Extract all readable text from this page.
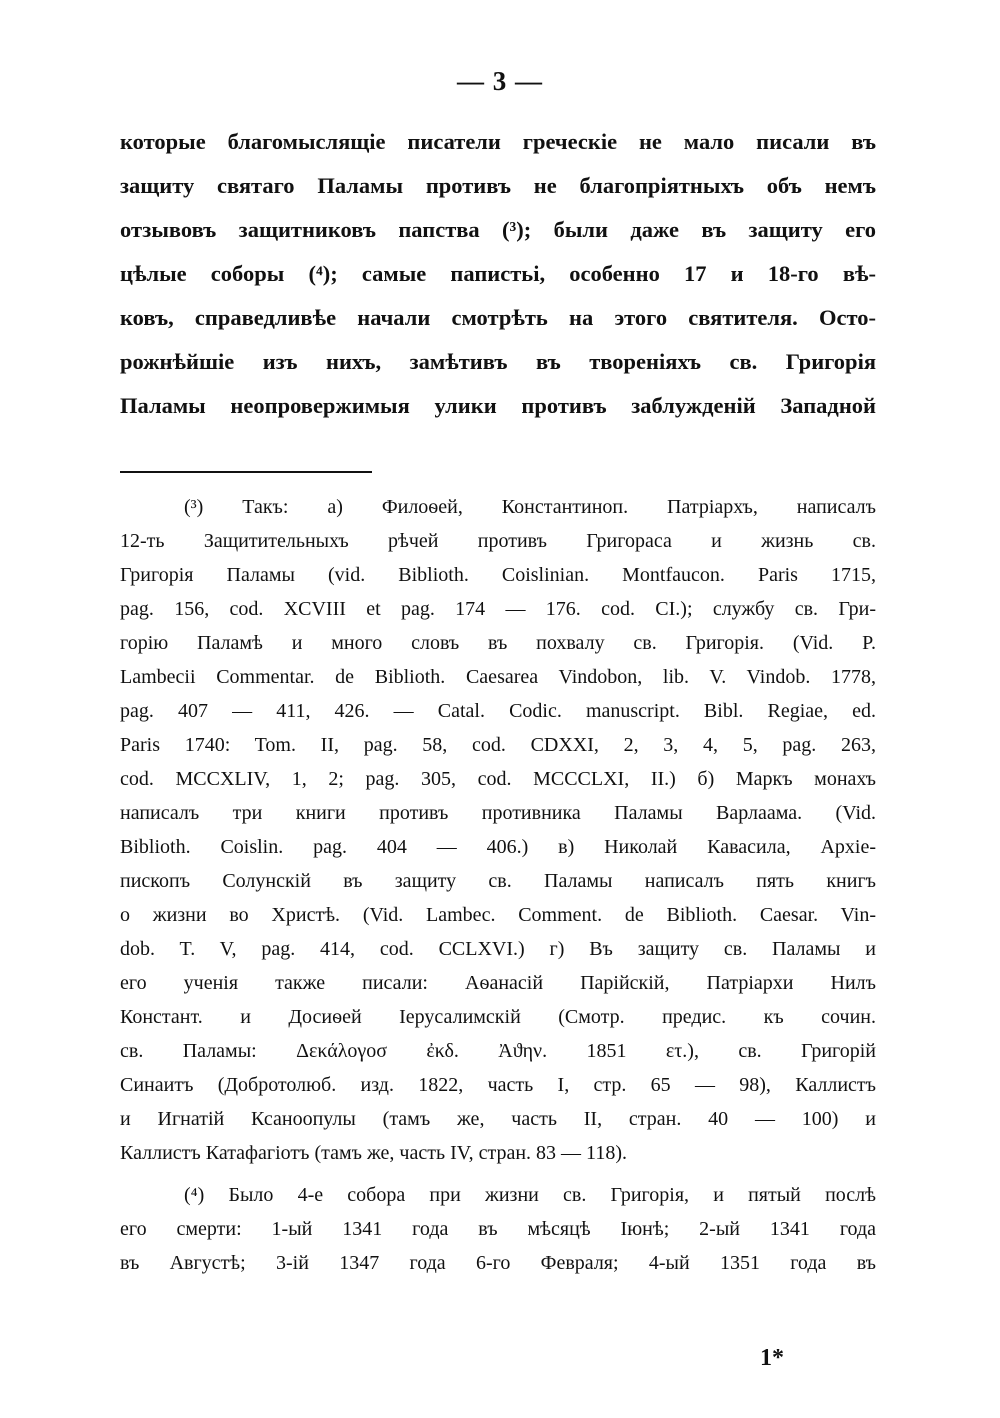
— 3 —
которые благомыслящіе писатели греческіе не мало писали въ
защиту святаго Паламы противъ не благопріятныхъ объ немъ
отзывовъ защитниковъ папства (³); были даже въ защиту его
цѣлые соборы (⁴); самые папистьі, особенно 17 и 18-го вѣ-
ковъ, справедливѣе начали смотрѣть на этого святителя. Осто-
рожнѣйшіе изъ нихъ, замѣтивъ въ твореніяхъ св. Григорія
Паламы неопровержимыя улики противъ заблужденій Западной
(³) Такъ: а) Филоѳей, Константиноп. Патріархъ, написалъ
12-ть Защитительныхъ рѣчей противъ Григораса и жизнь св.
Григорія Паламы (vid. Biblioth. Coislinian. Montfaucon. Paris 1715,
pag. 156, cod. XCVIII et pag. 174 — 176. cod. CI.); службу св. Гри-
горію Паламѣ и много словъ въ похвалу св. Григорія. (Vid. P.
Lambecii Commentar. de Biblioth. Caesarea Vindobon, lib. V. Vindob. 1778,
pag. 407 — 411, 426. — Catal. Codic. manuscript. Bibl. Regiae, ed.
Paris 1740: Tom. II, pag. 58, cod. CDXXI, 2, 3, 4, 5, pag. 263,
cod. MCCXLIV, 1, 2; pag. 305, cod. MCCCLXI, II.) б) Маркъ монахъ
написалъ три книги противъ противника Паламы Варлаама. (Vid.
Biblioth. Coislin. pag. 404 — 406.) в) Николай Кавасила, Архіе-
пископъ Солунскій въ защиту св. Паламы написалъ пять книгъ
о жизни во Христѣ. (Vid. Lambec. Comment. de Biblioth. Caesar. Vin-
dob. T. V, pag. 414, cod. CCLXVI.) г) Въ защиту св. Паламы и
его ученія также писали: Аѳанасій Парійскій, Патріархи Нилъ
Констант. и Досиѳей Іерусалимскій (Смотр. предис. къ сочин.
св. Паламы: Δεκάλογοσ ἐκδ. Ἀϑην. 1851 ετ.), св. Григорій
Синаитъ (Добротолюб. изд. 1822, часть I, стр. 65 — 98), Каллистъ
и Игнатій Ксаноопулы (тамъ же, часть II, стран. 40 — 100) и
Каллистъ Катафагіотъ (тамъ же, часть IV, стран. 83 — 118).
(⁴) Было 4-е собора при жизни св. Григорія, и пятый послѣ
его смерти: 1-ый 1341 года въ мѣсяцѣ Іюнѣ; 2-ый 1341 года
въ Августѣ; 3-ій 1347 года 6-го Февраля; 4-ый 1351 года въ
1*
